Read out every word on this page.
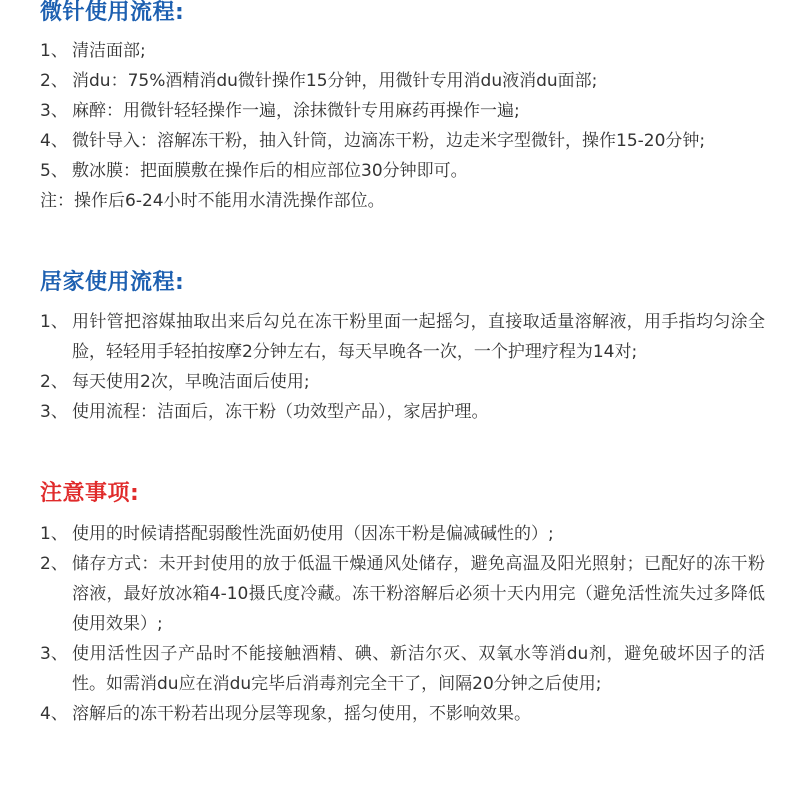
微针使用流程:
1、 清洁面部;
2、 消du：75%酒精消du微针操作15分钟，用微针专用消du液消du面部;
3、 麻醉：用微针轻轻操作一遍，涂抹微针专用麻药再操作一遍;
4、 微针导入：溶解冻干粉，抽入针筒，边滴冻干粉，边走米字型微针，操作15-20分钟;
5、 敷冰膜：把面膜敷在操作后的相应部位30分钟即可。
注：操作后6-24小时不能用水清洗操作部位。
居家使用流程:
1、 用针管把溶媒抽取出来后勾兑在冻干粉里面一起摇匀，直接取适量溶解液，用手指均匀涂全脸，轻轻用手轻拍按摩2分钟左右，每天早晚各一次，一个护理疗程为14对;
2、 每天使用2次，早晚洁面后使用;
3、 使用流程：洁面后，冻干粉（功效型产品），家居护理。
注意事项:
1、 使用的时候请搭配弱酸性洗面奶使用（因冻干粉是偏减碱性的）;
2、 储存方式：未开封使用的放于低温干燥通风处储存，避免高温及阳光照射；已配好的冻干粉溶液，最好放冰箱4-10摄氏度冷藏。冻干粉溶解后必须十天内用完（避免活性流失过多降低使用效果）;
3、 使用活性因子产品时不能接触酒精、碘、新洁尔灭、双氧水等消du剂，避免破坏因子的活性。如需消du应在消du完毕后消毒剂完全干了，间隔20分钟之后使用;
4、 溶解后的冻干粉若出现分层等现象，摇匀使用，不影响效果。
